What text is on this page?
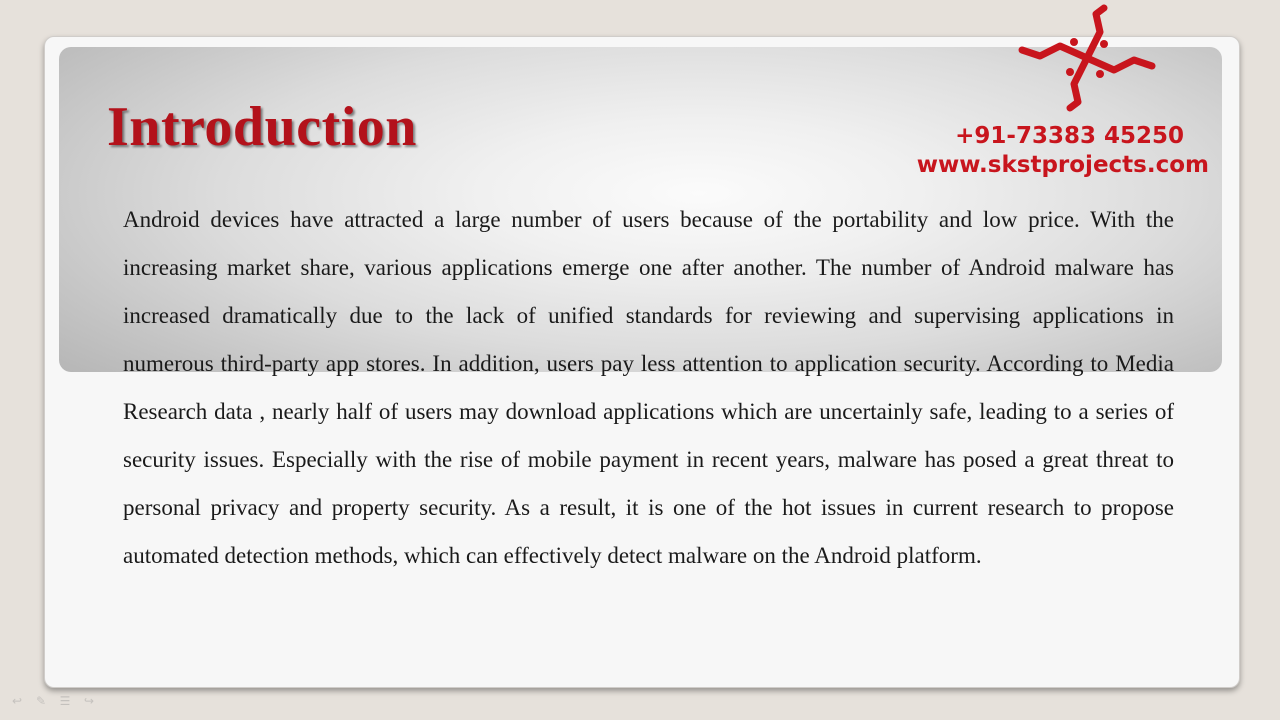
Introduction	+91-73383 45250
www.skstprojects.com

Android devices have attracted a large number of users because of the portability and low price. With the increasing market share, various applications emerge one after another. The number of Android malware has increased dramatically due to the lack of unified standards for reviewing and supervising applications in numerous third-party app stores. In addition, users pay less attention to application security. According to Media Research data , nearly half of users may download applications which are uncertainly safe, leading to a series of security issues. Especially with the rise of mobile payment in recent years, malware has posed a great threat to personal privacy and property security. As a result, it is one of the hot issues in current research to propose automated detection methods, which can effectively detect malware on the Android platform.

↩	✎	☰	↪
